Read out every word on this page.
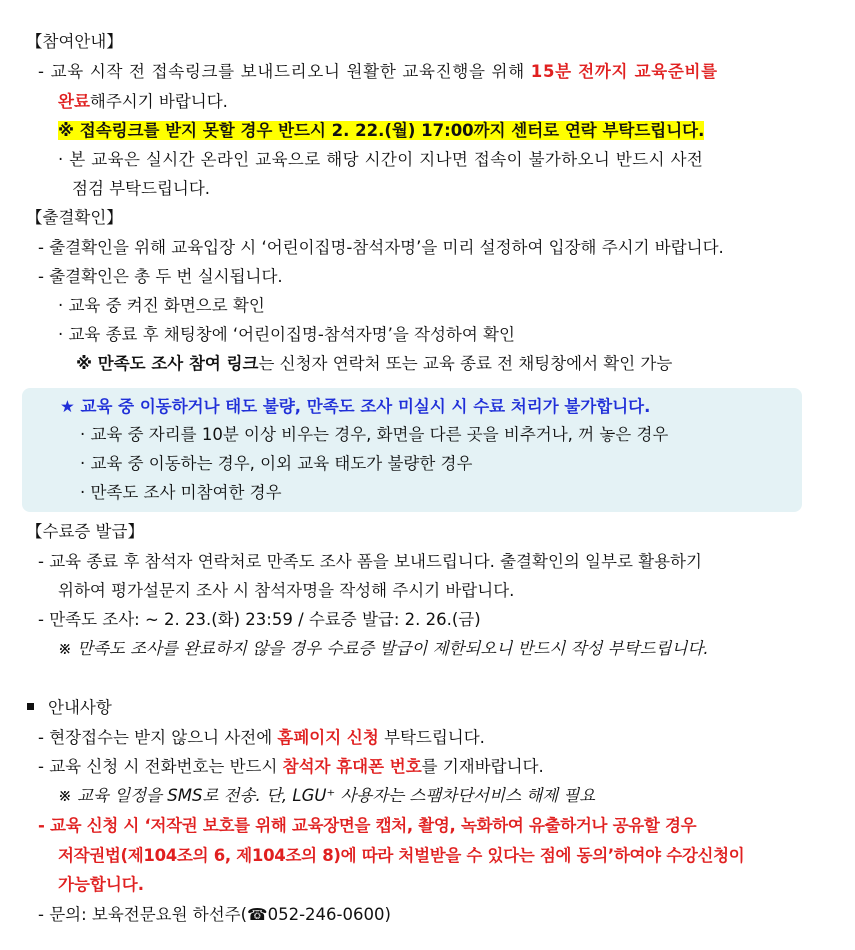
【참여안내】
- 교육 시작 전 접속링크를 보내드리오니 원활한 교육진행을 위해 15분 전까지 교육준비를
완료해주시기 바랍니다.
※ 접속링크를 받지 못할 경우 반드시 2. 22.(월) 17:00까지 센터로 연락 부탁드립니다.
· 본 교육은 실시간 온라인 교육으로 해당 시간이 지나면 접속이 불가하오니 반드시 사전
점검 부탁드립니다.
【출결확인】
- 출결확인을 위해 교육입장 시 ‘어린이집명-참석자명’을 미리 설정하여 입장해 주시기 바랍니다.
- 출결확인은 총 두 번 실시됩니다.
· 교육 중 켜진 화면으로 확인
· 교육 종료 후 채팅창에 ‘어린이집명-참석자명’을 작성하여 확인
※ 만족도 조사 참여 링크는 신청자 연락처 또는 교육 종료 전 채팅창에서 확인 가능
★ 교육 중 이동하거나 태도 불량, 만족도 조사 미실시 시 수료 처리가 불가합니다.
· 교육 중 자리를 10분 이상 비우는 경우, 화면을 다른 곳을 비추거나, 꺼 놓은 경우
· 교육 중 이동하는 경우, 이외 교육 태도가 불량한 경우
· 만족도 조사 미참여한 경우
【수료증 발급】
- 교육 종료 후 참석자 연락처로 만족도 조사 폼을 보내드립니다. 출결확인의 일부로 활용하기
위하여 평가설문지 조사 시 참석자명을 작성해 주시기 바랍니다.
- 만족도 조사: ~ 2. 23.(화) 23:59 / 수료증 발급: 2. 26.(금)
※ 만족도 조사를 완료하지 않을 경우 수료증 발급이 제한되오니 반드시 작성 부탁드립니다.
안내사항
- 현장접수는 받지 않으니 사전에 홈페이지 신청 부탁드립니다.
- 교육 신청 시 전화번호는 반드시 참석자 휴대폰 번호를 기재바랍니다.
※ 교육 일정을 SMS로 전송. 단, LGU⁺ 사용자는 스팸차단서비스 해제 필요
- 교육 신청 시 ‘저작권 보호를 위해 교육장면을 캡처, 촬영, 녹화하여 유출하거나 공유할 경우
저작권법(제104조의 6, 제104조의 8)에 따라 처벌받을 수 있다는 점에 동의’하여야 수강신청이
가능합니다.
- 문의: 보육전문요원 하선주(☎052-246-0600)
